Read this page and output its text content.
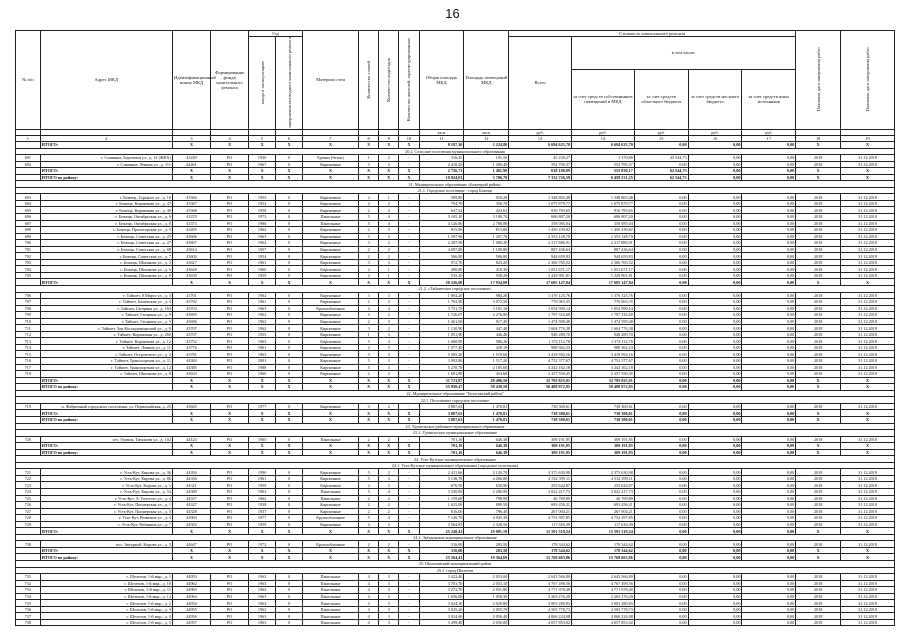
16
№ п/п	Адрес МКД	Идентификационный номер МКД	Формирование фонда капитального ремонта	Год		Материал стен	Количество этажей	Количество подъездов	Количество жителей, зарегистрированных	Общая площадь МКД	Площадь помещений МКД	Стоимость капитального ремонта					Плановая дата завершения работ	Плановая дата завершения работ
				ввода в эксплуатацию	завершения последнего капитального ремонта							Всего	в том числе:					
													за счет средств собственников помещений в МКД	за счет средств областного бюджета	за счет средств местного бюджета	за счет средств иных источников		
										кв.м	кв.м	руб.	руб.	руб.	руб.	руб.		
1	2	3	4	5	6	7	8	9	10	11	12	13	14	15	16	17	18	19
	ИТОГО:	X	X	X	X	X	X	X	X	8 197,30	2 224,80	6 694 625,70	6 694 625,70	0,00	0,00	0,00	X	X
20.2. Сельские поселения муниципального образования																		
691	г. Славянка, Березовая ул., д. 12 (ЖКХ)	43249	РО	1936	0	Бревно (бетон)	1	2	-	316,45	191,50	45 239,27	1 370,80	43 544,75	0,00	0,00	2018	31.12.2018
692	г. Славянка, Ленина ул., д. 111	44461	РО	1967	0	Кирпичные	3	3	-	2 410,26	1 290,40	592 795,37	552 795,37	0,00	0,00	0,00	2018	31.12.2018
	ИТОГО:	X	X	X	X	X	X	X	X	2 726,71	1 481,90	638 100,89	555 830,17	62 544,75	0,00	0,00	X	X
	ИТОГО по району:	X	X	X	X	X	X	X	X	10 924,01	3 706,70	7 332 726,59	6 459 531,25	62 544,75	0,00	0,00	X	X
21. Муниципальное образование «Бежецкий район»																		
21.1. Городское поселение - город Бежецк																		
693	г. Бежецк, Горького ул., д. 10	43366	РО	1955	0	Кирпичные	2	1	-	589,80	916,28	1 348 865,48	1 348 865,48	0,00	0,00	0,00	2018	31.12.2018
694	г. Бежецк, Кирпичная ул., д. 47	43367	РО	1952	0	Кирпичные	2	2	-	794,70	356,70	1 075 879,77	1 075 879,77	0,00	0,00	0,00	2018	31.12.2018
695	г. Бежецк, Кирпичная ул., д. 49	43368	РО	1958	0	Кирпичные	2	2	-	647,32	423,63	916 783,65	916 783,65	0,00	0,00	0,00	2018	31.12.2018
696	г. Бежецк, Октябрьская ул., д. 6	43370	РО	1973	0	Панельные	5	4	-	3 105,10	3 180,70	686 807,20	686 807,20	0,00	0,00	0,00	2018	31.12.2018
697	г. Бежецк, Октябрьская ул., д. 8	43373	РО	1986	0	Панельные	5	4	-	4 126,80	2 788,80	358 085,04	358 085,04	0,00	0,00	0,00	2018	31.12.2018
698	г. Бежецк, Пролетарская ул., д. 5	43405	РО	1962	0	Кирпичные	2	3	-	815,06	813,00	1 450 239,82	1 450 239,82	0,00	0,00	0,00	2018	31.12.2018
699	г. Бежецк, Советская ул., д. 25	43606	РО	1963	0	Кирпичные	3	3	-	1 397,90	1 267,70	2 353 128,70	2 353 128,70	0,00	0,00	0,00	2018	31.12.2018
700	г. Бежецк, Советская ул., д. 27	43607	РО	1964	0	Кирпичные	3	2	-	2 287,90	1 089,20	2 217 886,91	2 217 886,91	0,00	0,00	0,00	2018	31.12.2018
701	г. Бежецк, Советская ул., д. 68	43614	РО	1957	0	Кирпичные	2	2	-	4 097,80	1 109,80	887 436,64	887 436,64	0,00	0,00	0,00	2018	31.12.2018
702	г. Бежецк, Советская ул., д. 7	43602	РО	1954	0	Кирпичные	2	2	-	566,80	506,80	944 659,83	944 659,83	0,00	0,00	0,00	2018	31.12.2018
703	г. Бежецк, Шишкова ул., д. 3	43627	РО	1961	0	Кирпичные	3	3	-	972,70	823,20	2 366 765,52	2 366 765,52	0,00	0,00	0,00	2018	31.12.2018
704	г. Бежецк, Шишкова ул., д. 5	43628	РО	1960	0	Кирпичные	2	1	-	490,80	410,30	1 051 671,17	1 051 671,17	0,00	0,00	0,00	2018	31.12.2018
705	г. Бежецк, Шишкова ул., д. 6	43630	РО	1959	0	Кирпичные	2	1	-	535,20	558,20	1 229 901,81	1 229 901,81	0,00	0,00	0,00	2018	31.12.2018
	ИТОГО:	X	X	X	X	X	X	X	X	20 226,60	17 934,08	17 685 147,84	17 685 147,84	0,00	0,00	0,00	X	X
21.2. «Тайшетское городское поселение»																		
706	г. Тайшет, 8 Марта ул., д. 3	43701	РО	1962	0	Кирпичные	3	3	-	1 894,20	984,20	1 376 125,76	1 376 125,76	0,00	0,00	0,00	2018	31.12.2018
707	г. Тайшет, Бамовская ул., д. 4	43702	РО	1961	0	Кирпичные	2	2	-	1 763,90	3 072,50	770 063,35	770 063,35	0,00	0,00	0,00	2018	31.12.2018
708	г. Тайшет, Гагарина ул., д. 163	43703	РО	1963	0	Крупноблочные	4	4	-	3 751,70	3 101,10	1 054 990,14	1 054 990,14	0,00	0,00	0,00	2018	31.12.2018
709	г. Тайшет, Гагарина ул., д. 9	43695	РО	1962	0	Кирпичные	4	2	-	1 726,07	2 276,80	1 797 316,60	1 797 316,60	0,00	0,00	0,00	2018	31.12.2018
710	г. Тайшет, Гагарина ул., д. 5	43696	РО	1962	0	Кирпичные	2	3	-	1 461,00	917,20	1 474 599,48	1 474 599,48	0,00	0,00	0,00	2018	31.12.2018
711	г. Тайшет, Зои Космодемьянской ул., д. 9	43707	РО	1962	0	Кирпичные	3	2	-	1 130,90	447,40	1 604 776,38	1 604 776,38	0,00	0,00	0,00	2018	31.12.2018
712	г. Тайшет, Кирпичная ул., д. 260	43707	РО	1955	0	Кирпичные	1	3	-	1 051,90	446,46	948 289,70	948 289,70	0,00	0,00	0,00	2018	31.12.2018
713	г. Тайшет, Кирпичная ул., д. 12	43752	РО	1963	0	Кирпичные	5	4	-	1 600,00	986,20	1 374 112,78	1 374 112,78	0,00	0,00	0,00	2018	31.12.2018
714	г. Тайшет, Ленина ул., д. 11	43776	РО	1961	0	Кирпичные	2	3	-	1 977,40	429,10	988 362,23	988 362,23	0,00	0,00	0,00	2018	31.12.2018
715	г. Тайшет, Островского ул., д. 2	43781	РО	1963	0	Кирпичные	3	3	-	5 585,20	1 519,60	3 419 592,16	3 419 592,16	0,00	0,00	0,00	2018	31.12.2018
716	г. Тайшет, Транспортная ул., д. 11	44384	РО	2001	0	Кирпичные	5	3	-	3 992,80	1 517,20	4 752 377,67	4 752 377,67	0,00	0,00	0,00	2018	31.12.2018
717	г. Тайшет, Транспортная ул., д. 12	44385	РО	1988	0	Кирпичные	5	3	-	5 278,70	2 185,60	3 242 162,18	3 242 162,18	0,00	0,00	0,00	2018	31.12.2018
718	г. Тайшет, Шишкова ул., д. 8	43633	РО	1960	0	Кирпичные	2	2	-	1 681,80	454,60	2 357 550,45	2 357 550,45	0,00	0,00	0,00	2018	31.12.2018
	ИТОГО:	X	X	X	X	X	X	X	X	31 723,87	20 496,50	32 795 825,01	32 795 825,01	0,00	0,00	0,00	X	X
	ИТОГО по району:	X	X	X	X	X	X	X	X	55 950,47	38 430,58	50 480 972,85	50 480 972,85	0,00	0,00	0,00	X	X
22. Муниципальное образование "Бологовский район"																		
22.1. Поселковое городское поселение																		
719	п. Фабричный городского поселения, ул. Первомайская, д. 25	43845	РО	1977	0	Кирпичные	3	2	-	3 887,63	1 470,81	738 300,61	738 300,61	0,00	0,00	0,00	2018	31.12.2018
	ИТОГО:	X	X	X	X	X	X	X	X	3 887,63	1 470,81	738 300,61	738 300,61	0,00	0,00	0,00	X	X
	ИТОГО по району:	X	X	X	X	X	X	X	X	3 887,63	1 470,81	738 300,61	738 300,61	0,00	0,00	0,00	X	X
23. Удомельское районное муниципальное образование																		
23.1. Удомельское муниципальное образование																		
720	пгт. Удомля, Тихонова ул., д. 102	44123	РО	1965	0	Панельные	2	2	-	701,16	646,38	309 191,85	309 191,85	0,00	0,00	0,00	2018	31.12.2018
	ИТОГО:	X	X	X	X	X	X	X	X	701,16	646,38	309 191,85	309 191,85	0,00	0,00	0,00	X	X
	ИТОГО по району:	X	X	X	X	X	X	X	X	701,16	646,38	309 191,85	309 191,85	0,00	0,00	0,00	X	X
24. Усть-Кутское муниципальное образование																		
24.1. Усть-Кутское муниципальное образование (городское поселение)																		
721	г. Усть-Кут, Кирова ул., д. 36	44394	РО	1990	0	Кирпичные	5	2	-	2 411,66	2 120,70	2 375 630,98	2 375 630,98	0,00	0,00	0,00	2018	31.12.2018
722	г. Усть-Кут, Кирова ул., д. 86	44356	РО	1961	0	Кирпичные	5	3	-	5 136,78	4 266,00	4 532 399,11	4 532 399,11	0,00	0,00	0,00	2018	31.12.2018
723	г. Усть-Кут, Кирова ул., д. 1	44321	РО	1959	0	Кирпичные	2	2	-	676,95	638,90	255 624,87	255 624,87	0,00	0,00	0,00	2018	31.12.2018
724	г. Усть-Кут, Кирова ул., д. 52	44380	РО	1962	0	Панельные	5	4	-	3 330,80	2 286,90	3 022 417,73	3 022 417,73	0,00	0,00	0,00	2018	31.12.2018
725	г. Усть-Кут, Л. Толстого ул., д. 4	44357	РО	1962	0	Панельные	2	2	-	1 159,00	798,90	46 769,89	46 769,89	0,00	0,00	0,00	2018	31.12.2018
726	г. Усть-Кут, Пионерская ул., д. 1	44327	РО	1938	0	Кирпичные	2	2	-	1 025,69	899,50	693 456,21	693 456,21	0,00	0,00	0,00	2018	31.12.2018
727	г. Усть-Кут, Пионерская ул., д. 3	44328	РО	1937	0	Кирпичные	2	2	-	816,00	796,40	267 004,21	267 004,21	0,00	0,00	0,00	2018	31.12.2018
728	г. Усть-Кут, Речников ул., д. 4	43903	РО	1977	0	Крупноблочные	5	4	-	7 126,70	4 945,39	4 752 397,85	4 752 397,85	0,00	0,00	0,00	2018	31.12.2018
729	г. Усть-Кут, Рябинина ул., д. 7	44502	РО	1959	0	Кирпичные	4	3	-	3 564,83	2 328,50	117 616,39	117 616,39	0,00	0,00	0,00	2018	31.12.2018
	ИТОГО:	X	X	X	X	X	X	X	X	25 248,41	19 081,19	15 591 319,24	15 591 319,24	0,00	0,00	0,00	X	X
24.2. Звёздинское муниципальное образование																		
730	пос. Звёздный, Кирова ул., д. 3	44647	РО	1972	0	Крупноблочные	2	2	-	316,00	283,50	178 344,62	178 344,62	0,00	0,00	0,00	2018	31.12.2018
	ИТОГО:	X	X	X	X	X	X	X	X	316,00	283,50	178 344,62	178 344,62	0,00	0,00	0,00	X	X
	ИТОГО по району:	X	X	X	X	X	X	X	X	25 564,41	19 364,69	15 769 663,86	15 769 663,86	0,00	0,00	0,00	X	X
25. Шелеховский муниципальный район																		
25.1. город Шелехов																		
731	г. Шелехов, 1-й мкр., д. 1	44953	РО	1962	0	Панельные	4	3	-	3 422,40	2 053,00	2 643 566,89	2 643 566,89	0,00	0,00	0,00	2018	31.12.2018
732	г. Шелехов, 1-й мкр., д. 10	44962	РО	1963	0	Панельные	4	3	-	3 701,70	2 053,10	4 767 498,56	4 767 498,56	0,00	0,00	0,00	2018	31.12.2018
733	г. Шелехов, 1-й мкр., д. 11	44963	РО	1964	0	Панельные	4	3	-	3 272,70	2 051,80	4 771 978,40	4 771 978,40	0,00	0,00	0,00	2018	31.12.2018
734	г. Шелехов, 1-й мкр., д. 12	44964	РО	1963	0	Панельные	4	3	-	1 656,00	1 058,30	2 263 276,20	2 263 276,20	0,00	0,00	0,00	2018	31.12.2018
735	г. Шелехов, 1-й мкр., д. 2	44954	РО	1962	0	Панельные	4	3	-	3 024,30	2 029,80	3 903 280,83	3 903 280,83	0,00	0,00	0,00	2018	31.12.2018
736	г. Шелехов, 1-й мкр., д. 3	44955	РО	1962	0	Панельные	4	3	-	3 625,20	2 055,70	4 503 778,73	4 503 778,73	0,00	0,00	0,00	2018	31.12.2018
737	г. Шелехов, 1-й мкр., д. 4	44956	РО	1963	0	Панельные	4	3	-	3 024,60	2 056,40	4 066 224,08	4 066 224,08	0,00	0,00	0,00	2018	31.12.2018
738	г. Шелехов, 1-й мкр., д. 5	44957	РО	1963	0	Панельные	4	3	-	3 499,40	2 056,00	4 057 853,02	4 057 853,02	0,00	0,00	0,00	2018	31.12.2018
